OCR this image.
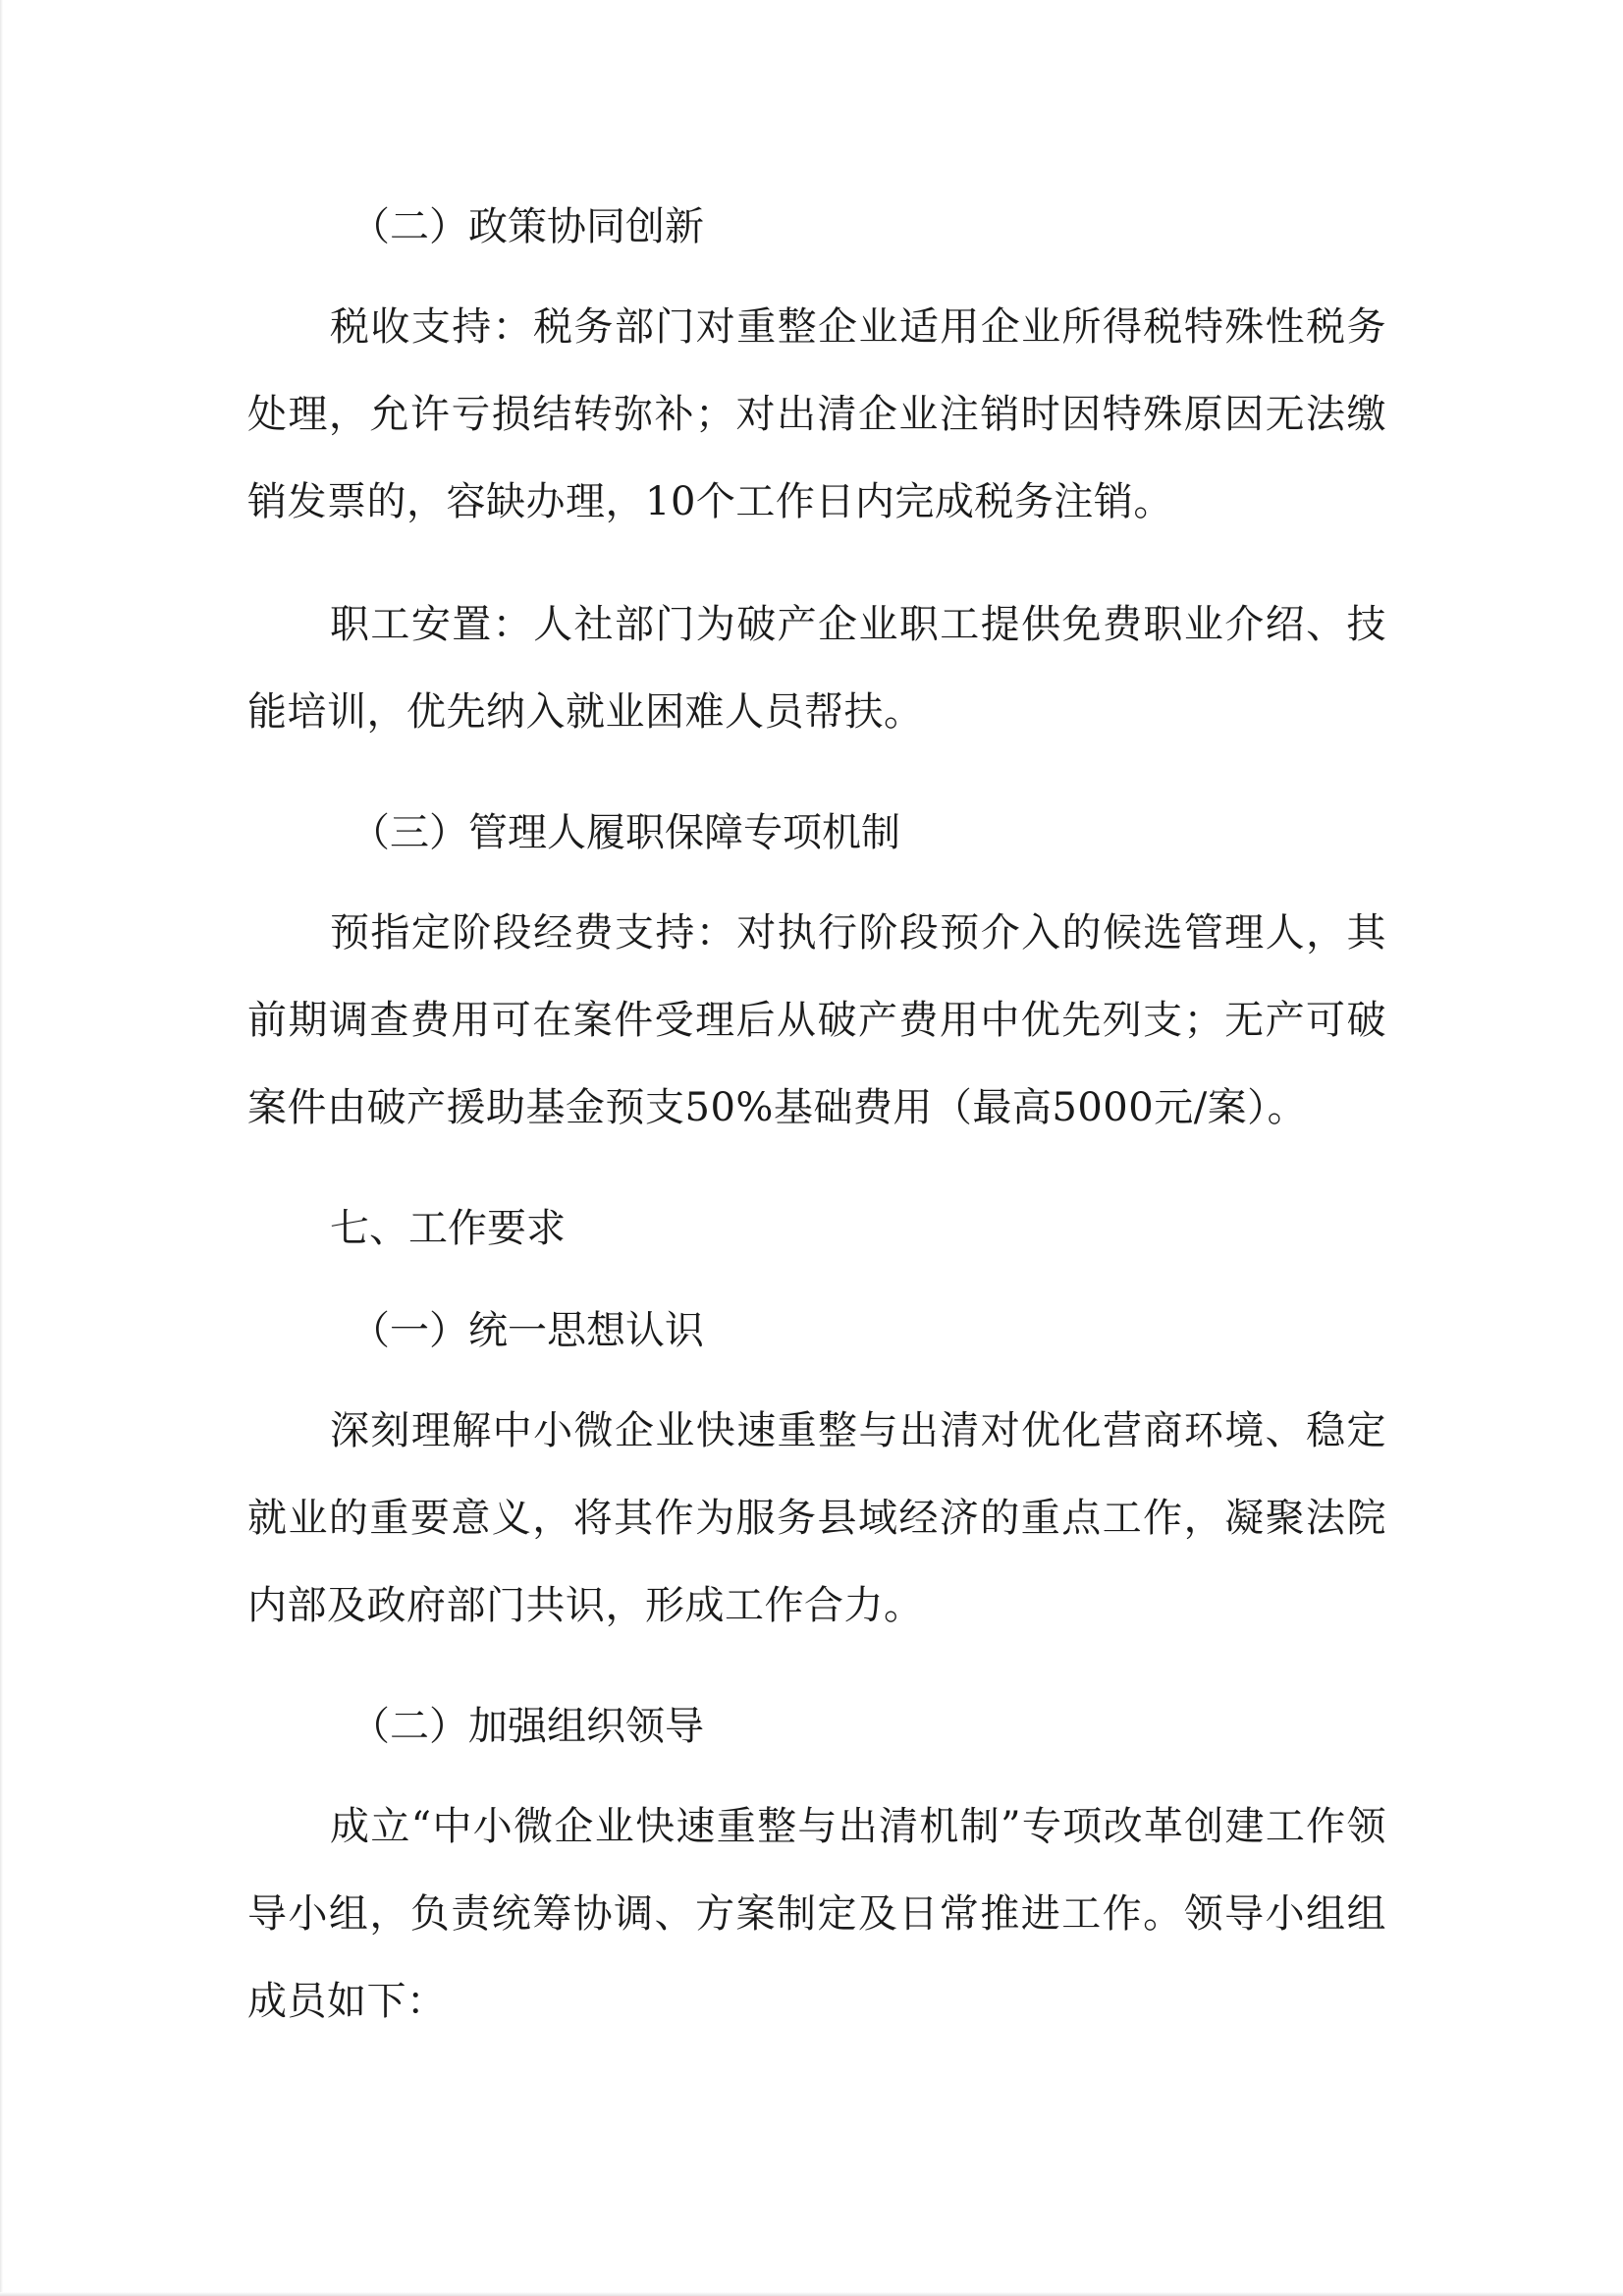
（二）政策协同创新

税收支持：税务部门对重整企业适用企业所得税特殊性税务处理，允许亏损结转弥补；对出清企业注销时因特殊原因无法缴销发票的，容缺办理，10个工作日内完成税务注销。

职工安置：人社部门为破产企业职工提供免费职业介绍、技能培训，优先纳入就业困难人员帮扶。

（三）管理人履职保障专项机制

预指定阶段经费支持：对执行阶段预介入的候选管理人，其前期调查费用可在案件受理后从破产费用中优先列支；无产可破案件由破产援助基金预支50%基础费用（最高5000元/案）。

七、工作要求
（一）统一思想认识

深刻理解中小微企业快速重整与出清对优化营商环境、稳定就业的重要意义，将其作为服务县域经济的重点工作，凝聚法院内部及政府部门共识，形成工作合力。

（二）加强组织领导

成立“中小微企业快速重整与出清机制”专项改革创建工作领导小组，负责统筹协调、方案制定及日常推进工作。领导小组组成员如下：
